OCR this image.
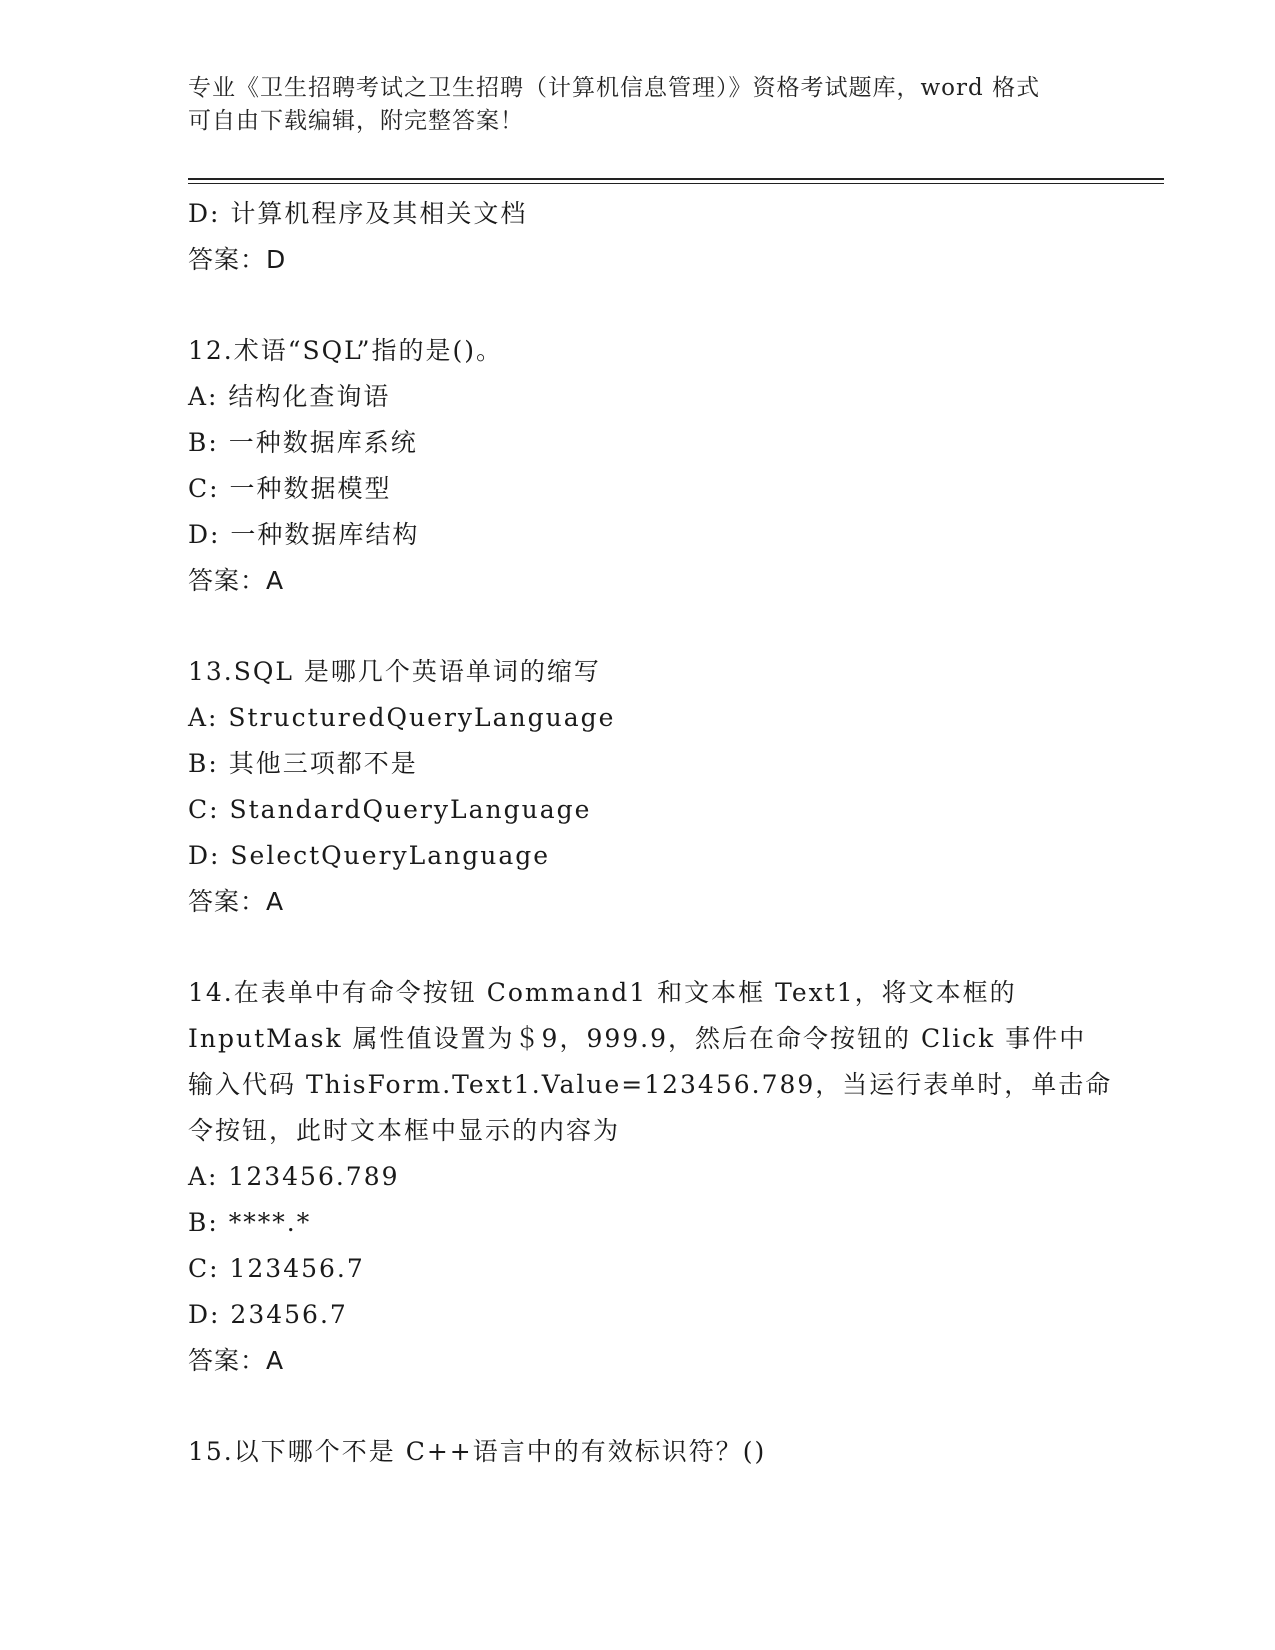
专业《卫生招聘考试之卫生招聘（计算机信息管理）》资格考试题库，word 格式
可自由下载编辑，附完整答案！
D: 计算机程序及其相关文档
答案：D
12.术语“SQL”指的是()。
A: 结构化查询语
B: 一种数据库系统
C: 一种数据模型
D: 一种数据库结构
答案：A
13.SQL 是哪几个英语单词的缩写
A: StructuredQueryLanguage
B: 其他三项都不是
C: StandardQueryLanguage
D: SelectQueryLanguage
答案：A
14.在表单中有命令按钮 Command1 和文本框 Text1，将文本框的
InputMask 属性值设置为＄9，999.9，然后在命令按钮的 Click 事件中
输入代码 ThisForm.Text1.Value=123456.789，当运行表单时，单击命
令按钮，此时文本框中显示的内容为
A: 123456.789
B: ****.*
C: 123456.7
D: 23456.7
答案：A
15.以下哪个不是 C++语言中的有效标识符？()
